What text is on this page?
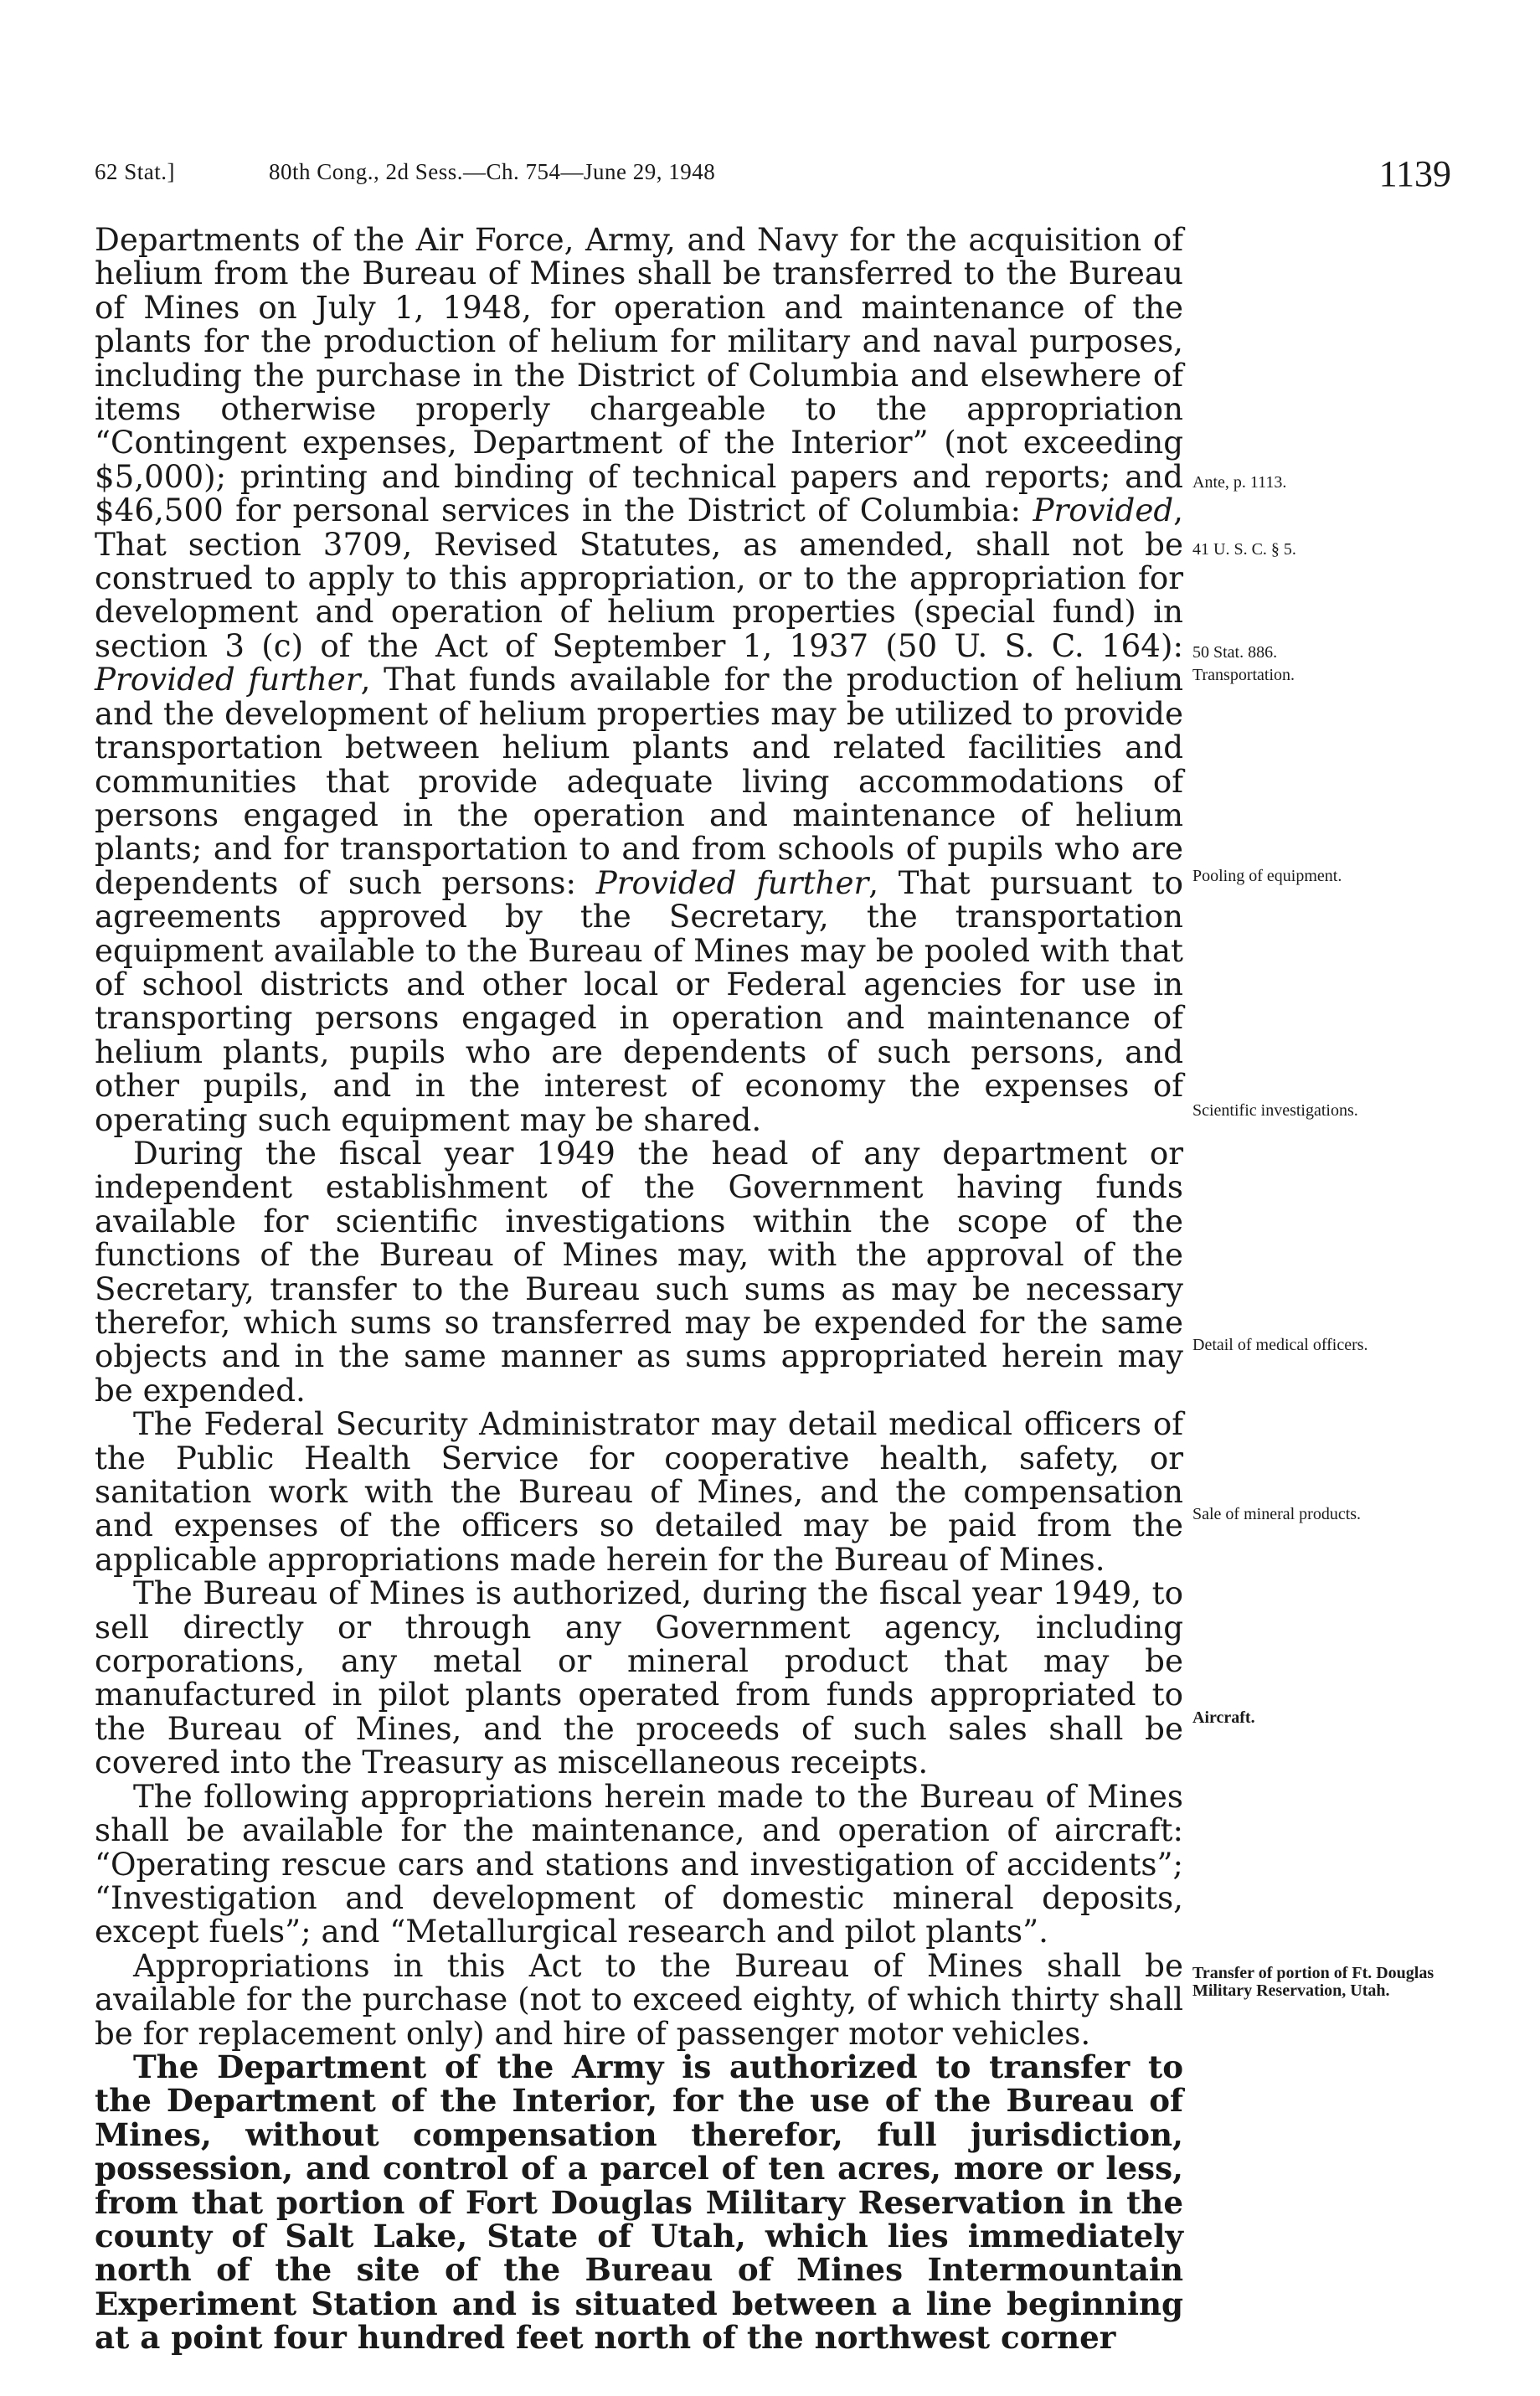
62 Stat.]	80th Cong., 2d Sess.—Ch. 754—June 29, 1948	1139

Departments of the Air Force, Army, and Navy for the acquisition of helium from the Bureau of Mines shall be transferred to the Bureau of Mines on July 1, 1948, for operation and maintenance of the plants for the production of helium for military and naval purposes, including the purchase in the District of Columbia and elsewhere of items otherwise properly chargeable to the appropriation “Contingent expenses, Department of the Interior” (not exceeding $5,000); printing and binding of technical papers and reports; and $46,500 for personal services in the District of Columbia: Provided, That section 3709, Revised Statutes, as amended, shall not be construed to apply to this appropriation, or to the appropriation for development and operation of helium properties (special fund) in section 3 (c) of the Act of September 1, 1937 (50 U. S. C. 164): Provided further, That funds available for the production of helium and the development of helium properties may be utilized to provide transportation between helium plants and related facilities and communities that provide adequate living accommodations of persons engaged in the operation and maintenance of helium plants; and for transportation to and from schools of pupils who are dependents of such persons: Provided further, That pursuant to agreements approved by the Secretary, the transportation equipment available to the Bureau of Mines may be pooled with that of school districts and other local or Federal agencies for use in transporting persons engaged in operation and maintenance of helium plants, pupils who are dependents of such persons, and other pupils, and in the interest of economy the expenses of operating such equipment may be shared.

During the fiscal year 1949 the head of any department or independent establishment of the Government having funds available for scientific investigations within the scope of the functions of the Bureau of Mines may, with the approval of the Secretary, transfer to the Bureau such sums as may be necessary therefor, which sums so transferred may be expended for the same objects and in the same manner as sums appropriated herein may be expended.

The Federal Security Administrator may detail medical officers of the Public Health Service for cooperative health, safety, or sanitation work with the Bureau of Mines, and the compensation and expenses of the officers so detailed may be paid from the applicable appropriations made herein for the Bureau of Mines.

The Bureau of Mines is authorized, during the fiscal year 1949, to sell directly or through any Government agency, including corporations, any metal or mineral product that may be manufactured in pilot plants operated from funds appropriated to the Bureau of Mines, and the proceeds of such sales shall be covered into the Treasury as miscellaneous receipts.

The following appropriations herein made to the Bureau of Mines shall be available for the maintenance, and operation of aircraft: “Operating rescue cars and stations and investigation of accidents”; “Investigation and development of domestic mineral deposits, except fuels”; and “Metallurgical research and pilot plants”.

Appropriations in this Act to the Bureau of Mines shall be available for the purchase (not to exceed eighty, of which thirty shall be for replacement only) and hire of passenger motor vehicles.

The Department of the Army is authorized to transfer to the Department of the Interior, for the use of the Bureau of Mines, without compensation therefor, full jurisdiction, possession, and control of a parcel of ten acres, more or less, from that portion of Fort Douglas Military Reservation in the county of Salt Lake, State of Utah, which lies immediately north of the site of the Bureau of Mines Intermountain Experiment Station and is situated between a line beginning at a point four hundred feet north of the northwest corner

Ante, p. 1113.
41 U. S. C. § 5.
50 Stat. 886.
Transportation.
Pooling of equipment.
Scientific investigations.
Detail of medical officers.
Sale of mineral products.
Aircraft.
Transfer of portion of Ft. Douglas Military Reservation, Utah.
